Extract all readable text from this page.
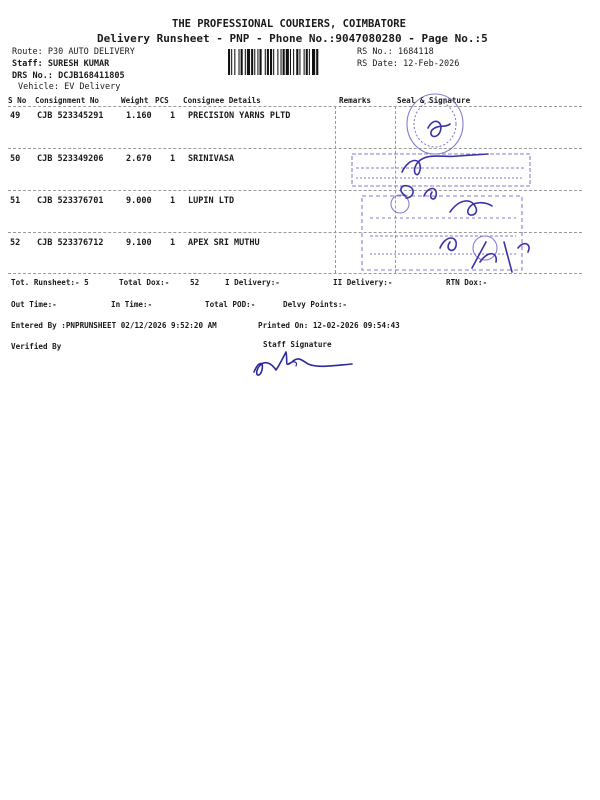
THE PROFESSIONAL COURIERS, COIMBATORE
Delivery Runsheet - PNP - Phone No.:9047080280 - Page No.:5
Route: P30 AUTO DELIVERY
Staff: SURESH KUMAR
DRS No.: DCJB168411805
Vehicle: EV Delivery
RS No.: 1684118
RS Date: 12-Feb-2026
S No Consignment No	Weight PCS Consignee Details	Remarks	Seal & Signature
49 CJB 523345291	1.160 1 PRECISION YARNS PLTD
50 CJB 523349206	2.670 1 SRINIVASA
51 CJB 523376701	9.000 1 LUPIN LTD
52 CJB 523376712	9.100 1 APEX SRI MUTHU
Tot. Runsheet:- 5	Total Dox:-	52	I Delivery:-	II Delivery:-	RTN Dox:-
Out Time:-	In Time:-	Total POD:-	Delvy Points:-
Entered By :PNPRUNSHEET 02/12/2026 9:52:20 AM	Printed On: 12-02-2026 09:54:43
Verified By	Staff Signature
